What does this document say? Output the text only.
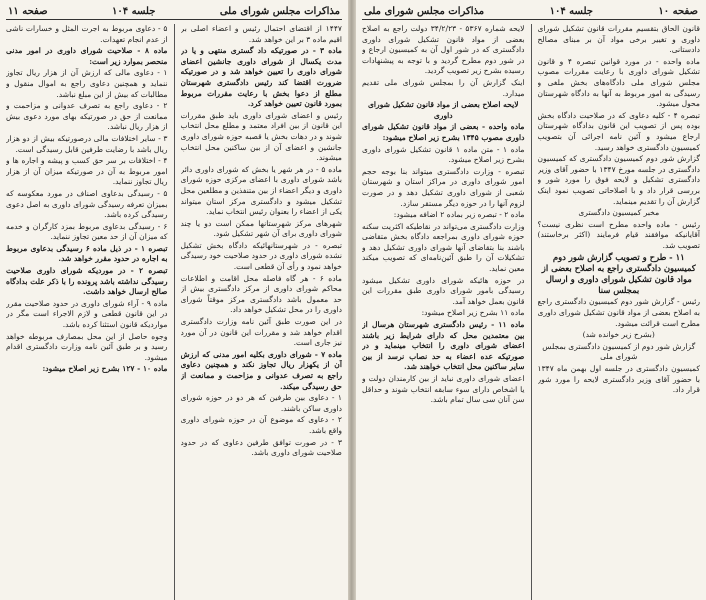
مذاکرات مجلس شورای ملی
جلسه ۱۰۴
صفحه ۱۱

۱۴۴۷ از اقتضای احتمال رئیس و اعضاء اصلی بر اقیم ماده ۳ بر این خواهد شد.

ماده ۳ - در صورتیکه داد گستری منتهی و یا در مدت یکسال از شورای داوری جانشین اعضای شورای داوری را تعیین خواهد شد و در صورتیکه ضرورت اقتضا کند رئیس دادگستری شهرستان مطلع از دعوا بخش با رعایت مقررات مربوط بمورد قانون تعیین خواهد کرد.

رئیس و اعضای شورای داوری باید طبق مقررات این قانون از بین افراد معتمد و مطلع محل انتخاب شوند و در دهات بخش یا قصبه حوزه شورای داوری جانشین و اعضای آن از بین ساکنین محل انتخاب میشوند.

ماده ۵ - در هر شهر یا بخش که شورای داوری دائر باشد شورای داوری با اعضای مرکزی حوزه شورای داوری و دیگر اعضاء از بین متنفذین و مطلعین محل تشکیل میشود و دادگستری مرکز استان میتواند یکی از اعضاء را بعنوان رئیس انتخاب نماید.

شهرهای مرکز شهرستانها ممکن است دو یا چند شورای داوری برای آن شهر تشکیل شود.

تبصره - در شهرستانهائیکه دادگاه بخش تشکیل نشده شورای داوری در حدود صلاحیت خود رسیدگی خواهد نمود و رأی آن قطعی است.

ماده ۶ - هر گاه فاصله محل اقامت و اطلاعات محاکم شورای داوری از مرکز دادگستری بیش از حد معمول باشد دادگستری مرکز موقتاً شورای داوری را در محل تشکیل خواهد داد.

در این صورت طبق آئین نامه وزارت دادگستری اقدام خواهد شد و مقررات این قانون در آن مورد نیز جاری است.

ماده ۷ - شورای داوری بکلیه امور مدنی که ارزش آن از یکهزار ریال تجاوز نکند و همچنین دعاوی راجع به تصرف عدوانی و مزاحمت و ممانعت از حق رسیدگی میکند.

۱ - دعاوی بین طرفین که هر دو در حوزه شورای داوری ساکن باشند.

۲ - دعاوی که موضوع آن در حوزه شورای داوری واقع باشد.

۳ - در صورت توافق طرفین دعاوی که در حدود صلاحیت شورای داوری باشد.

۵ - دعاوی مربوط به اجرت المثل و خسارات ناشی از عدم انجام تعهدات.

ماده ۸ - صلاحیت شورای داوری در امور مدنی منحصر بموارد زیر است:

۱ - دعاوی مالی که ارزش آن از هزار ریال تجاوز ننماید و همچنین دعاوی راجع به اموال منقول و مطالبات که بیش از این مبلغ نباشد.

۲ - دعاوی راجع به تصرف عدوانی و مزاحمت و ممانعت از حق در صورتیکه بهای مورد دعوی بیش از هزار ریال نباشد.

۳ - سایر اختلافات مالی درصورتیکه بیش از دو هزار ریال باشد با رضایت طرفین قابل رسیدگی است.

۴ - اختلافات بر سر حق کسب و پیشه و اجاره ها و امور مربوط به آن در صورتیکه میزان آن از هزار ریال تجاوز ننماید.

۵ - رسیدگی بدعاوی اصناف در مورد معکوسه که بمیزان تعرفه رسیدگی شورای داوری به اصل دعوی رسیدگی کرده باشد.

۶ - رسیدگی بدعاوی مربوط بمزد کارگران و خدمه که میزان آن از حد معین تجاوز ننماید.

تبصره ۱ - در ذیل ماده ۶ رسیدگی بدعاوی مربوط به اجاره در حدود مقرر خواهد شد.

تبصره ۲ - در موردیکه شورای داوری صلاحیت رسیدگی نداشته باشد پرونده را با ذکر علت بدادگاه صالح ارسال خواهد داشت.

ماده ۹ - آراء شورای داوری در حدود صلاحیت مقرر در این قانون قطعی و لازم الاجراء است مگر در مواردیکه قانون استثنا کرده باشد.

وجوه حاصل از این محل بمصارف مربوطه خواهد رسید و بر طبق آئین نامه وزارت دادگستری اقدام میشود.

ماده ۱۰ - ۱۲۷ بشرح زیر اصلاح میشود:

صفحه ۱۰
جلسه ۱۰۴
مذاکرات مجلس شورای ملی

قانون الحاق بتقسیم مقررات قانون تشکیل شورای داوری و تغییر برخی مواد آن بر مبنای مصالح دادستانی.

ماده واحده - در مورد قوانین تبصره ۴ و قانون تشکیل شورای داوری با رعایت مقررات مصوب مجلس شورای ملی دادگاه‌های بخش ملغی و رسیدگی به امور مربوط به آنها به دادگاه شهرستان محول میشود.

تبصره ۴ - کلیه دعاوی که در صلاحیت دادگاه بخش بوده پس از تصویب این قانون بدادگاه شهرستان ارجاع میشود و آئین نامه اجرائی آن بتصویب کمیسیون دادگستری خواهد رسید.

گزارش شور دوم کمیسیون دادگستری که کمیسیون دادگستری در جلسه مورخ ۱۳۴۷ با حضور آقای وزیر دادگستری تشکیل و لایحه فوق را مورد شور و بررسی قرار داد و با اصلاحاتی تصویب نمود اینک گزارش آن را تقدیم مینماید.

مخبر کمیسیون دادگستری

رئیس - ماده واحده مطرح است نظری نیست؟ آقایانیکه موافقند قیام فرمایند (اکثر برخاستند) تصویب شد.

۱۱ - طرح و تصویب گزارش شور دوم کمیسیون دادگستری راجع به اصلاح بعضی از مواد قانون تشکیل شورای داوری و ارسال بمجلس سنا

رئیس - گزارش شور دوم کمیسیون دادگستری راجع به اصلاح بعضی از مواد قانون تشکیل شورای داوری مطرح است قرائت میشود.

(بشرح زیر خوانده شد)

گزارش شور دوم از کمیسیون دادگستری بمجلس شورای ملی

کمیسیون دادگستری در جلسه اول بهمن ماه ۱۳۴۷ با حضور آقای وزیر دادگستری لایحه را مورد شور قرار داد.

لایحه شماره ۵۳۶۷ - ۳۴/۲/۲۳ دولت راجع به اصلاح بعضی از مواد قانون تشکیل شورای داوری دادگستری که در شور اول آن به کمیسیون ارجاع و در شور دوم مطرح گردید و با توجه به پیشنهادات رسیده بشرح زیر تصویب گردید.

اینک گزارش آن را بمجلس شورای ملی تقدیم میدارد.

لایحه اصلاح بعضی از مواد قانون تشکیل شورای داوری

ماده واحده - بعضی از مواد قانون تشکیل شورای داوری مصوب ۱۳۴۵ بشرح زیر اصلاح میشود:

ماده ۱ - متن ماده ۱ قانون تشکیل شورای داوری بشرح زیر اصلاح میشود.

تبصره - وزارت دادگستری میتواند بنا بوجه حجم امور شورای داوری در مراکز استان و شهرستان شعبی از شورای داوری تشکیل دهد و در صورت لزوم آنها را در حوزه دیگر مستقر سازد.

ماده ۲ - تبصره زیر بماده ۲ اضافه میشود:

وزارت دادگستری می‌تواند در نقاطیکه اکثریت سکنه حوزه شورای داوری بمراجعه دادگاه بخش متقاضی باشند بنا بتقاضای آنها شورای داوری تشکیل دهد و تشکیلات آن را طبق آئین‌نامه‌ای که تصویب میکند معین نماید.

در حوزه هائیکه شورای داوری تشکیل میشود رسیدگی بامور شورای داوری طبق مقررات این قانون بعمل خواهد آمد.

ماده ۱۱ بشرح زیر اصلاح میشود:

ماده ۱۱ - رئیس دادگستری شهرستان هرسال از بین معتمدین محل که دارای شرایط زیر باشند اعضای شورای داوری را انتخاب مینماید و در صورتیکه عده اعضاء به حد نصاب نرسد از بین سایر ساکنین محل انتخاب خواهند شد.

اعضای شورای داوری نباید از بین کارمندان دولت و یا اشخاص دارای سوء سابقه انتخاب شوند و حداقل سن آنان سی سال تمام باشد.
